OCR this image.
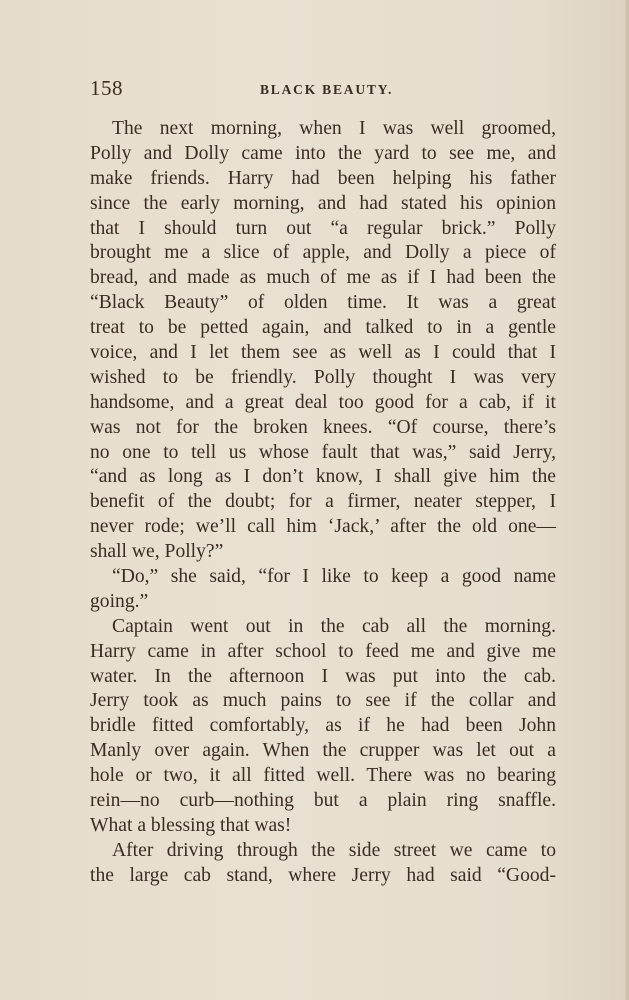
158	BLACK BEAUTY.
The next morning, when I was well groomed,
Polly and Dolly came into the yard to see me, and
make friends. Harry had been helping his father
since the early morning, and had stated his opinion
that I should turn out “a regular brick.” Polly
brought me a slice of apple, and Dolly a piece of
bread, and made as much of me as if I had been the
“Black Beauty” of olden time. It was a great
treat to be petted again, and talked to in a gentle
voice, and I let them see as well as I could that I
wished to be friendly. Polly thought I was very
handsome, and a great deal too good for a cab, if it
was not for the broken knees. “Of course, there’s
no one to tell us whose fault that was,” said Jerry,
“and as long as I don’t know, I shall give him the
benefit of the doubt; for a firmer, neater stepper, I
never rode; we’ll call him ‘Jack,’ after the old one—
shall we, Polly?”
“Do,” she said, “for I like to keep a good name
going.”
Captain went out in the cab all the morning.
Harry came in after school to feed me and give me
water. In the afternoon I was put into the cab.
Jerry took as much pains to see if the collar and
bridle fitted comfortably, as if he had been John
Manly over again. When the crupper was let out a
hole or two, it all fitted well. There was no bearing
rein—no curb—nothing but a plain ring snaffle.
What a blessing that was!
After driving through the side street we came to
the large cab stand, where Jerry had said “Good-
